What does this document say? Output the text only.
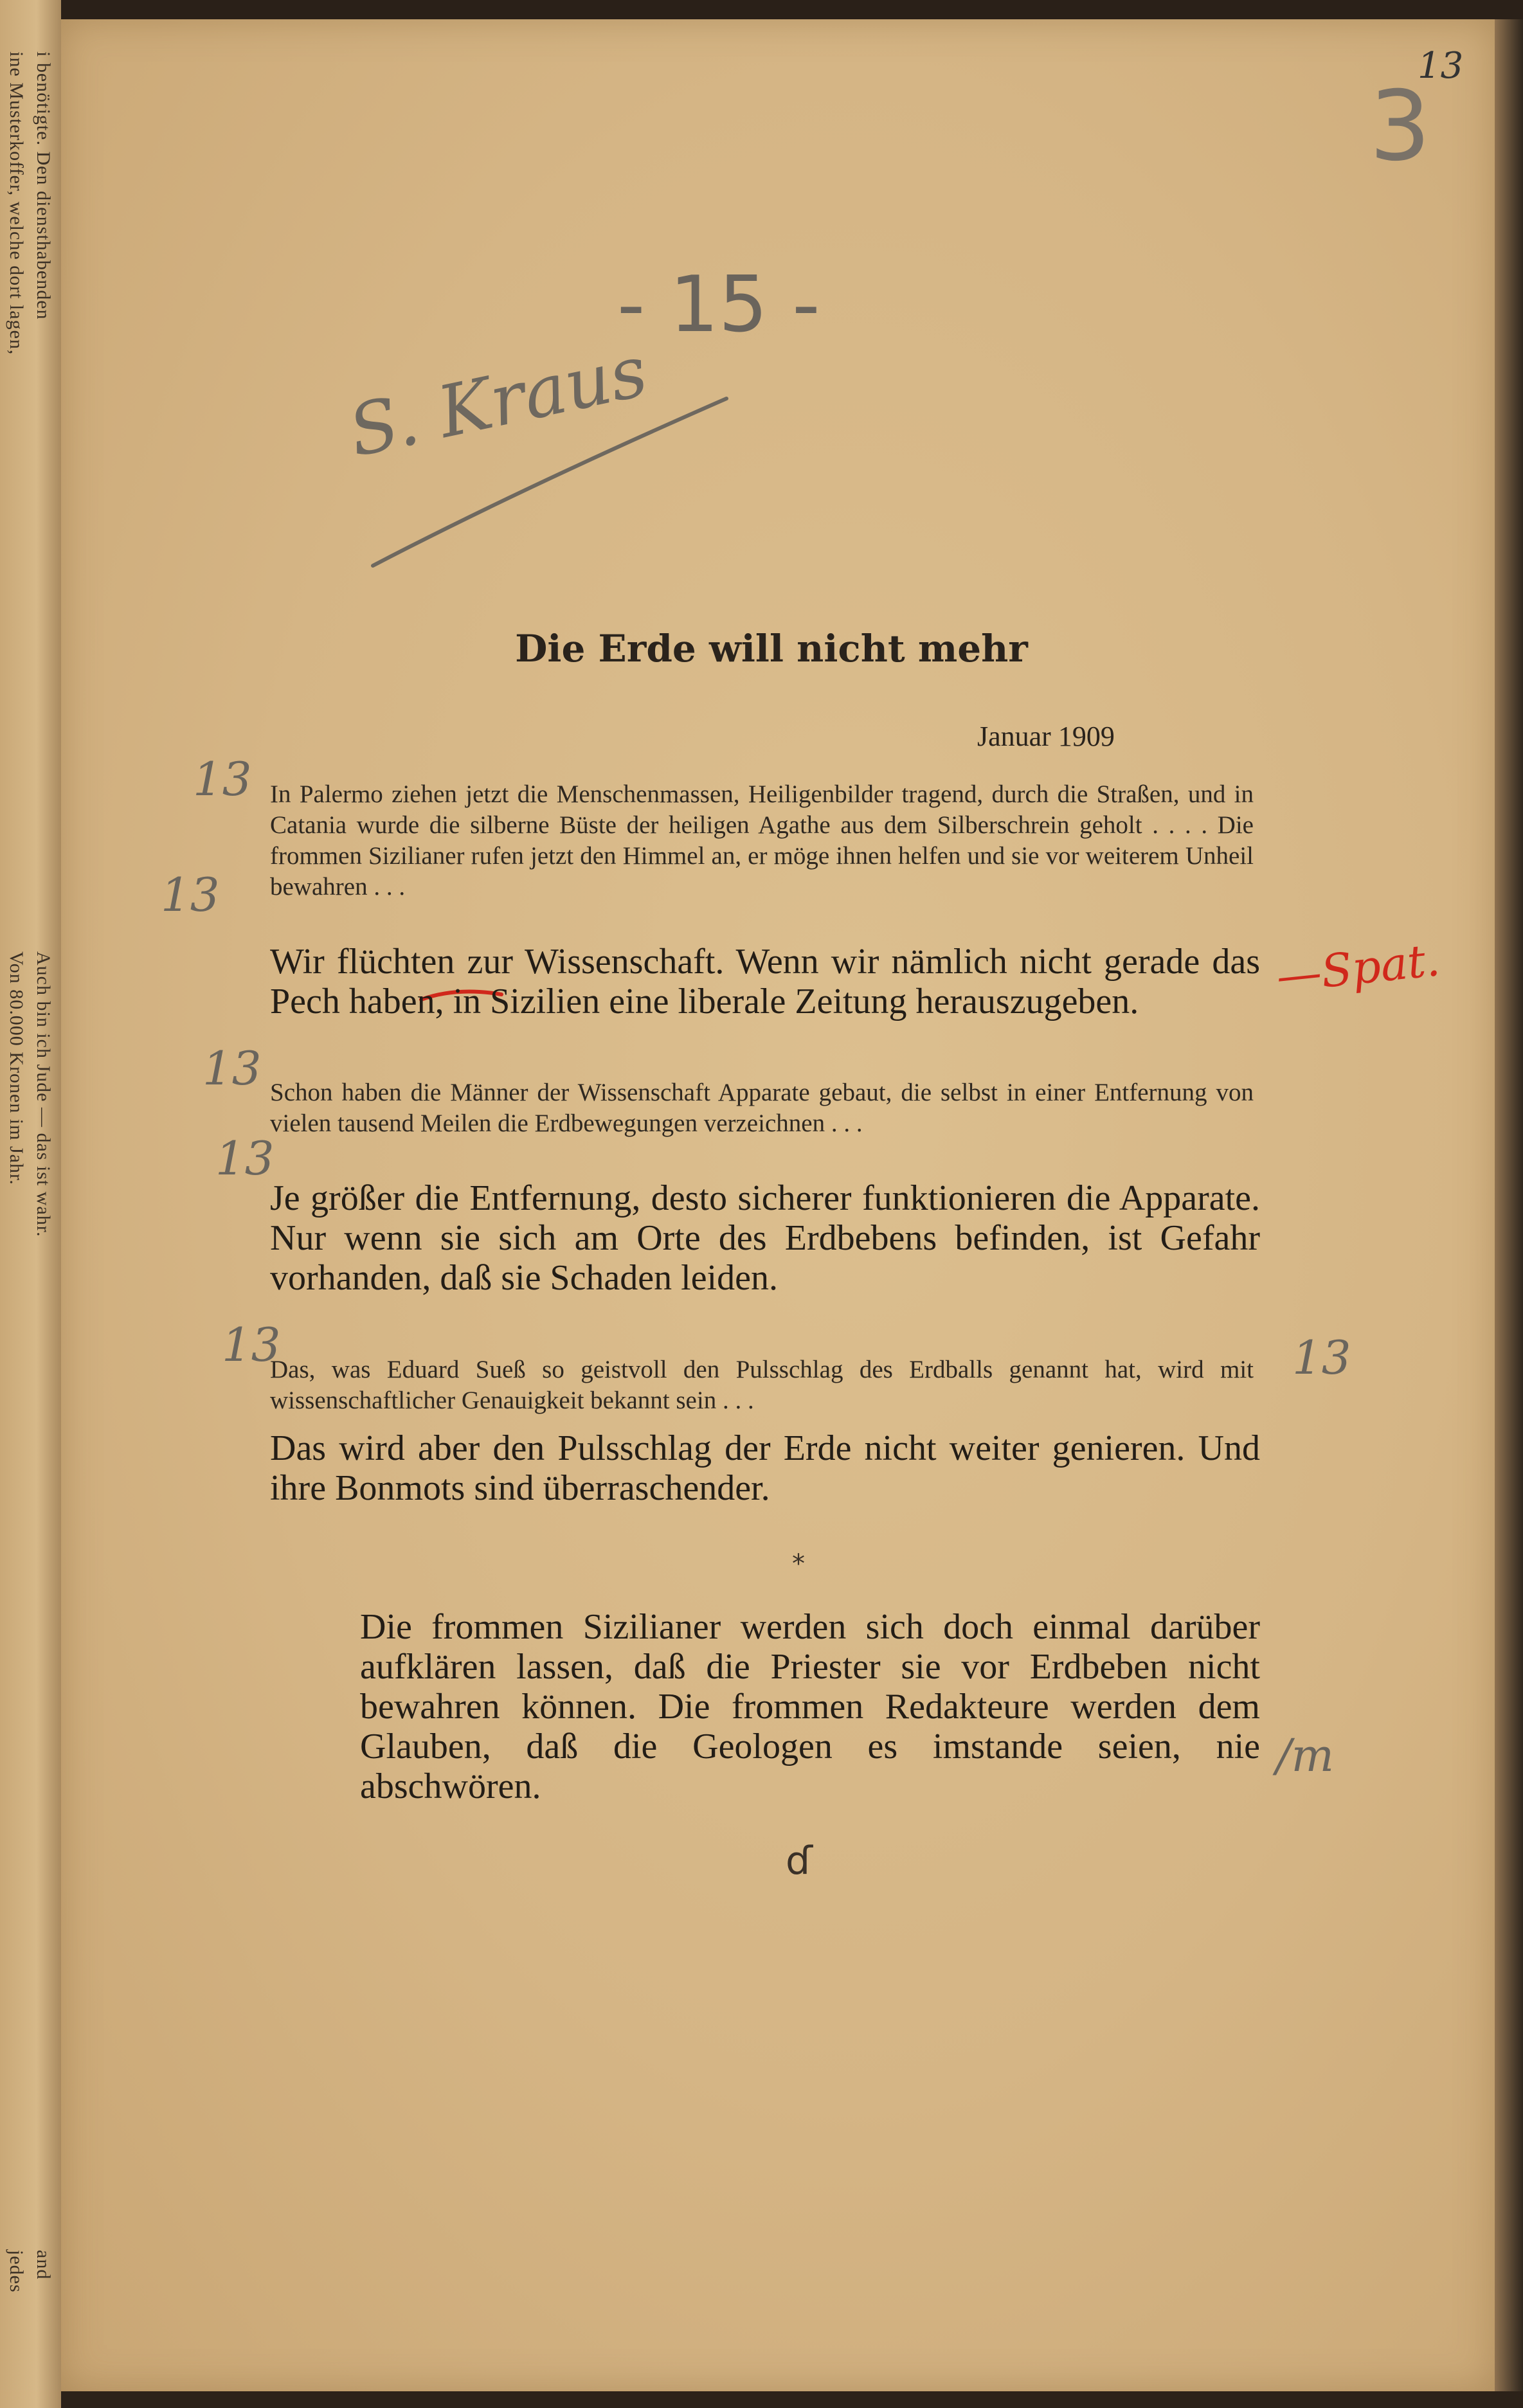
ine Musterkoffer, welche dort lagen,
Von 80.000 Kronen im Jahr.
jedes
i benötigte. Den diensthabenden
Auch bin ich Jude — das ist wahr.
and
13
3
- 15 -
S. Kraus
13
13
13
13
13	13
—Spat.
Die Erde will nicht mehr
Januar 1909
In Palermo ziehen jetzt die Menschenmassen, Heiligenbilder tragend, durch die Straßen, und in Catania wurde die silberne Büste der heiligen Agathe aus dem Silberschrein geholt . . . . Die frommen Sizilianer rufen jetzt den Himmel an, er möge ihnen helfen und sie vor weiterem Unheil bewahren . . .
Wir flüchten zur Wissenschaft. Wenn wir nämlich nicht gerade das Pech haben, in Sizilien eine liberale Zeitung herauszugeben.
Schon haben die Männer der Wissenschaft Apparate gebaut, die selbst in einer Entfernung von vielen tausend Meilen die Erdbewegungen verzeichnen . . .
Je größer die Entfernung, desto sicherer funktionieren die Apparate. Nur wenn sie sich am Orte des Erdbebens befinden, ist Gefahr vorhanden, daß sie Schaden leiden.
Das, was Eduard Sueß so geistvoll den Pulsschlag des Erdballs genannt hat, wird mit wissenschaftlicher Genauigkeit bekannt sein . . .
Das wird aber den Pulsschlag der Erde nicht weiter genieren. Und ihre Bonmots sind überraschender.
*
Die frommen Sizilianer werden sich doch einmal darüber aufklären lassen, daß die Priester sie vor Erdbeben nicht bewahren können. Die frommen Redakteure werden dem Glauben, daß die Geologen es imstande seien, nie abschwören.
/m
ɗ
